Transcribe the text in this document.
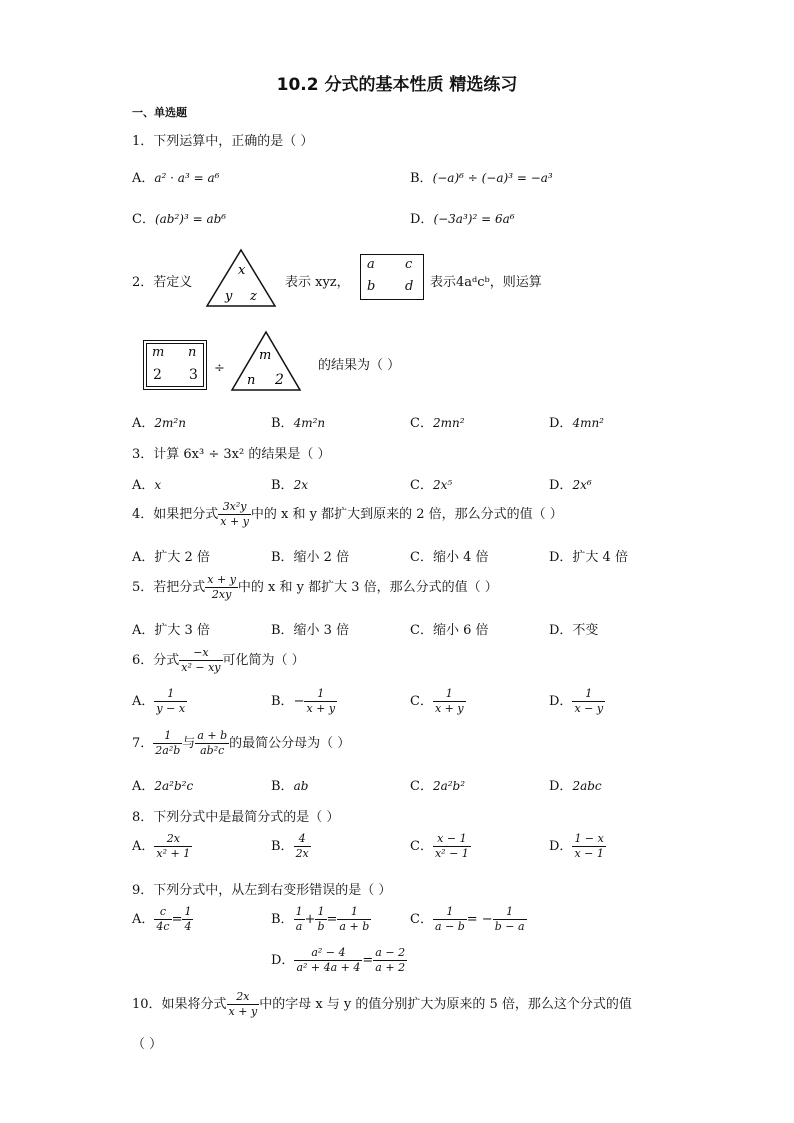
10.2 分式的基本性质 精选练习
一、单选题
1．下列运算中，正确的是（ ）
A．a² · a³ = a⁶	B．(−a)⁶ ÷ (−a)³ = −a³
C．(ab²)³ = ab⁶	D．(−3a³)² = 6a⁶
2．若定义
x
y z
表示 xyz，
a c
b d 表示4aᵈcᵇ，则运算
m n
2 3 ÷
m
n 2
的结果为（ ）
A．2m²n	B．4m²n	C．2mn²	D．4mn²
3．计算 6x³ ÷ 3x² 的结果是（ ）
A．x	B．2x	C．2x⁵	D．2x⁶
4．如果把分式 $\frac{\text{3x²y}}{x + y}$ 中的 x 和 y 都扩大到原来的 2 倍，那么分式的值（ ）
A．扩大 2 倍	B．缩小 2 倍	C．缩小 4 倍	D．扩大 4 倍
5．若把分式 $\frac{x + y}{2xy}$ 中的 x 和 y 都扩大 3 倍，那么分式的值（ ）
A．扩大 3 倍	B．缩小 3 倍	C．缩小 6 倍	D．不变
6．分式 $\frac{-x}{\text{x² − xy}}$ 可化简为（ ）
A． $\frac{1}{y - x}$	B．− $\frac{1}{x + y}$	C． $\frac{1}{x + y}$	D． $\frac{1}{x - y}$
7． $\frac{1}{\text{2a²b}}$ 与 $\frac{a + b}{\text{ab²c}}$ 的最简公分母为（ ）
A．2a²b²c	B．ab	C．2a²b²	D．2abc
8．下列分式中是最简分式的是（ ）
A． $\frac{2x}{\text{x² + 1}}$	B． $\frac{4}{2x}$	C． $\frac{x - 1}{\text{x² − 1}}$	D． $\frac{1 - x}{x - 1}$
9．下列分式中，从左到右变形错误的是（ ）
A． $\frac{c}{4c} = \frac{1}{4}$	B． $\frac{1}{a} + \frac{1}{b} = \frac{1}{a + b}$	C． $\frac{1}{a - b}$ = − $\frac{1}{b - a}$
D． $\frac{\text{a² − 4}}{\text{a² + 4a + 4}} = \frac{a - 2}{a + 2}$
10．如果将分式 $\frac{2x}{x + y}$ 中的字母 x 与 y 的值分别扩大为原来的 5 倍，那么这个分式的值
（ ）
